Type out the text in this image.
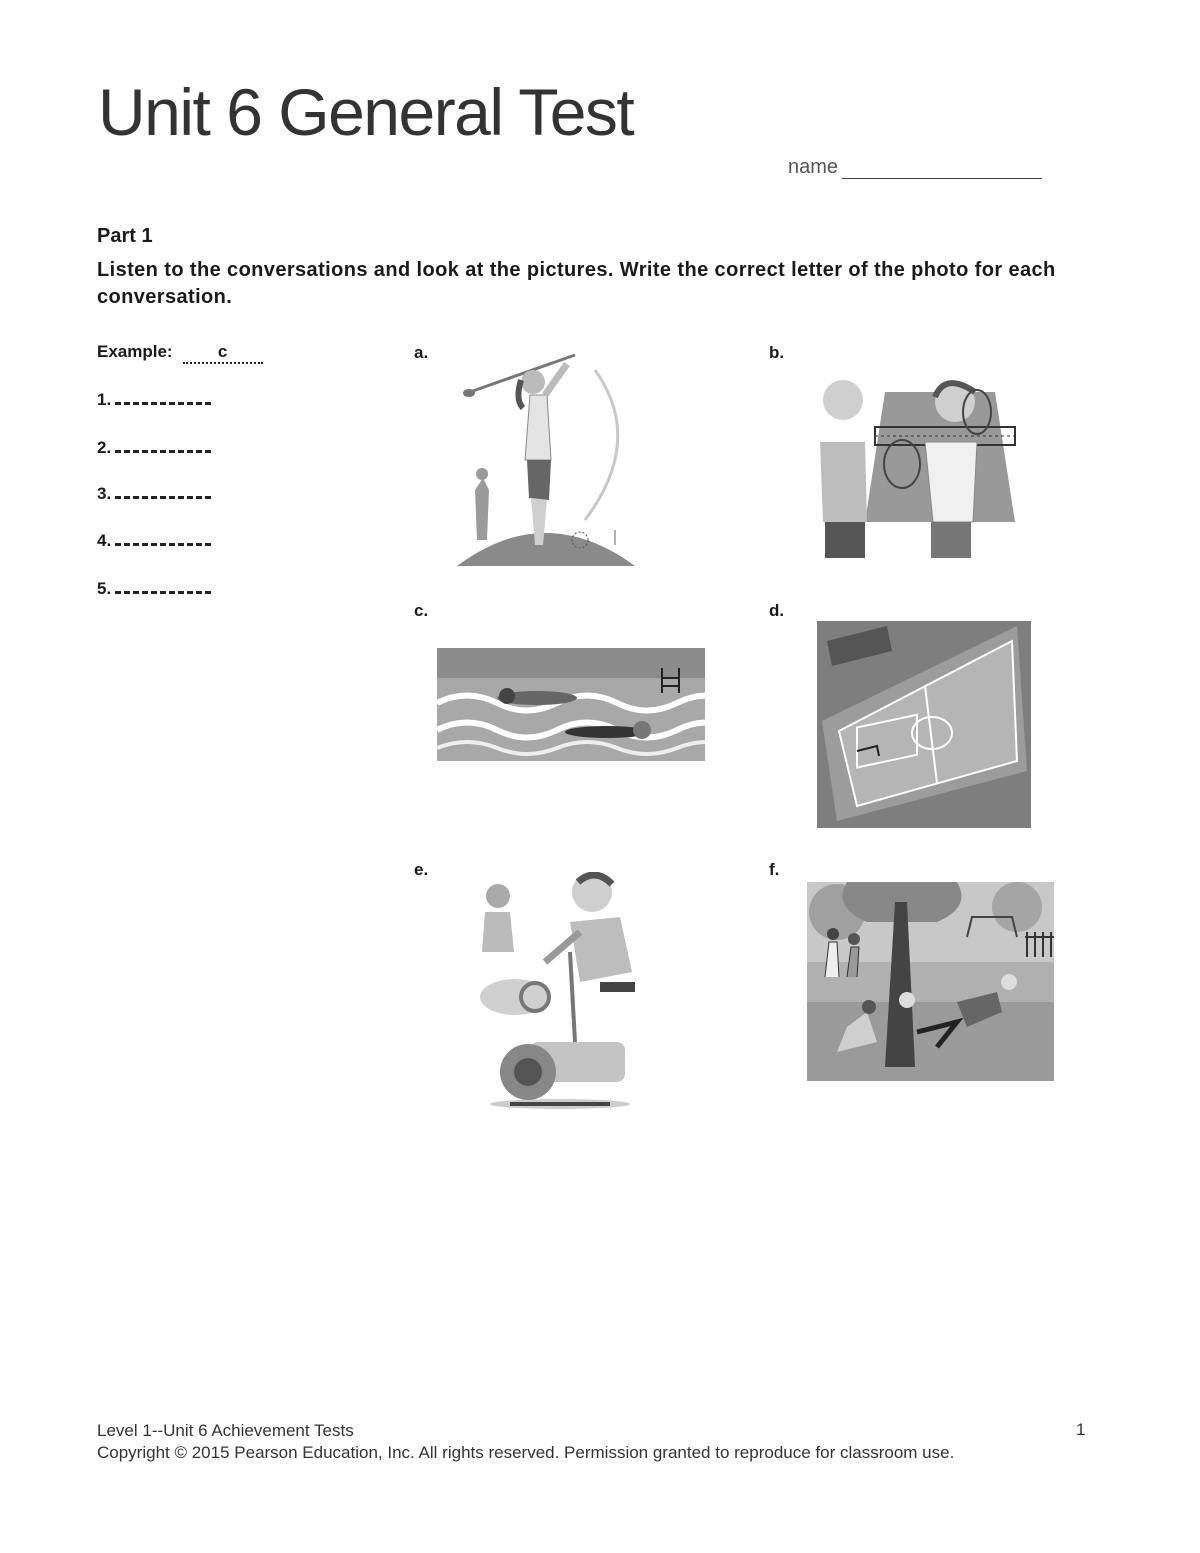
Unit 6 General Test
name
Part 1
Listen to the conversations and look at the pictures. Write the correct letter of the photo for each conversation.
Example:	c
1.
2.
3.
4.
5.
a.	b.
c.	d.
e.	f.
Level 1--Unit 6 Achievement Tests
Copyright © 2015 Pearson Education, Inc. All rights reserved. Permission granted to reproduce for classroom use.
1
